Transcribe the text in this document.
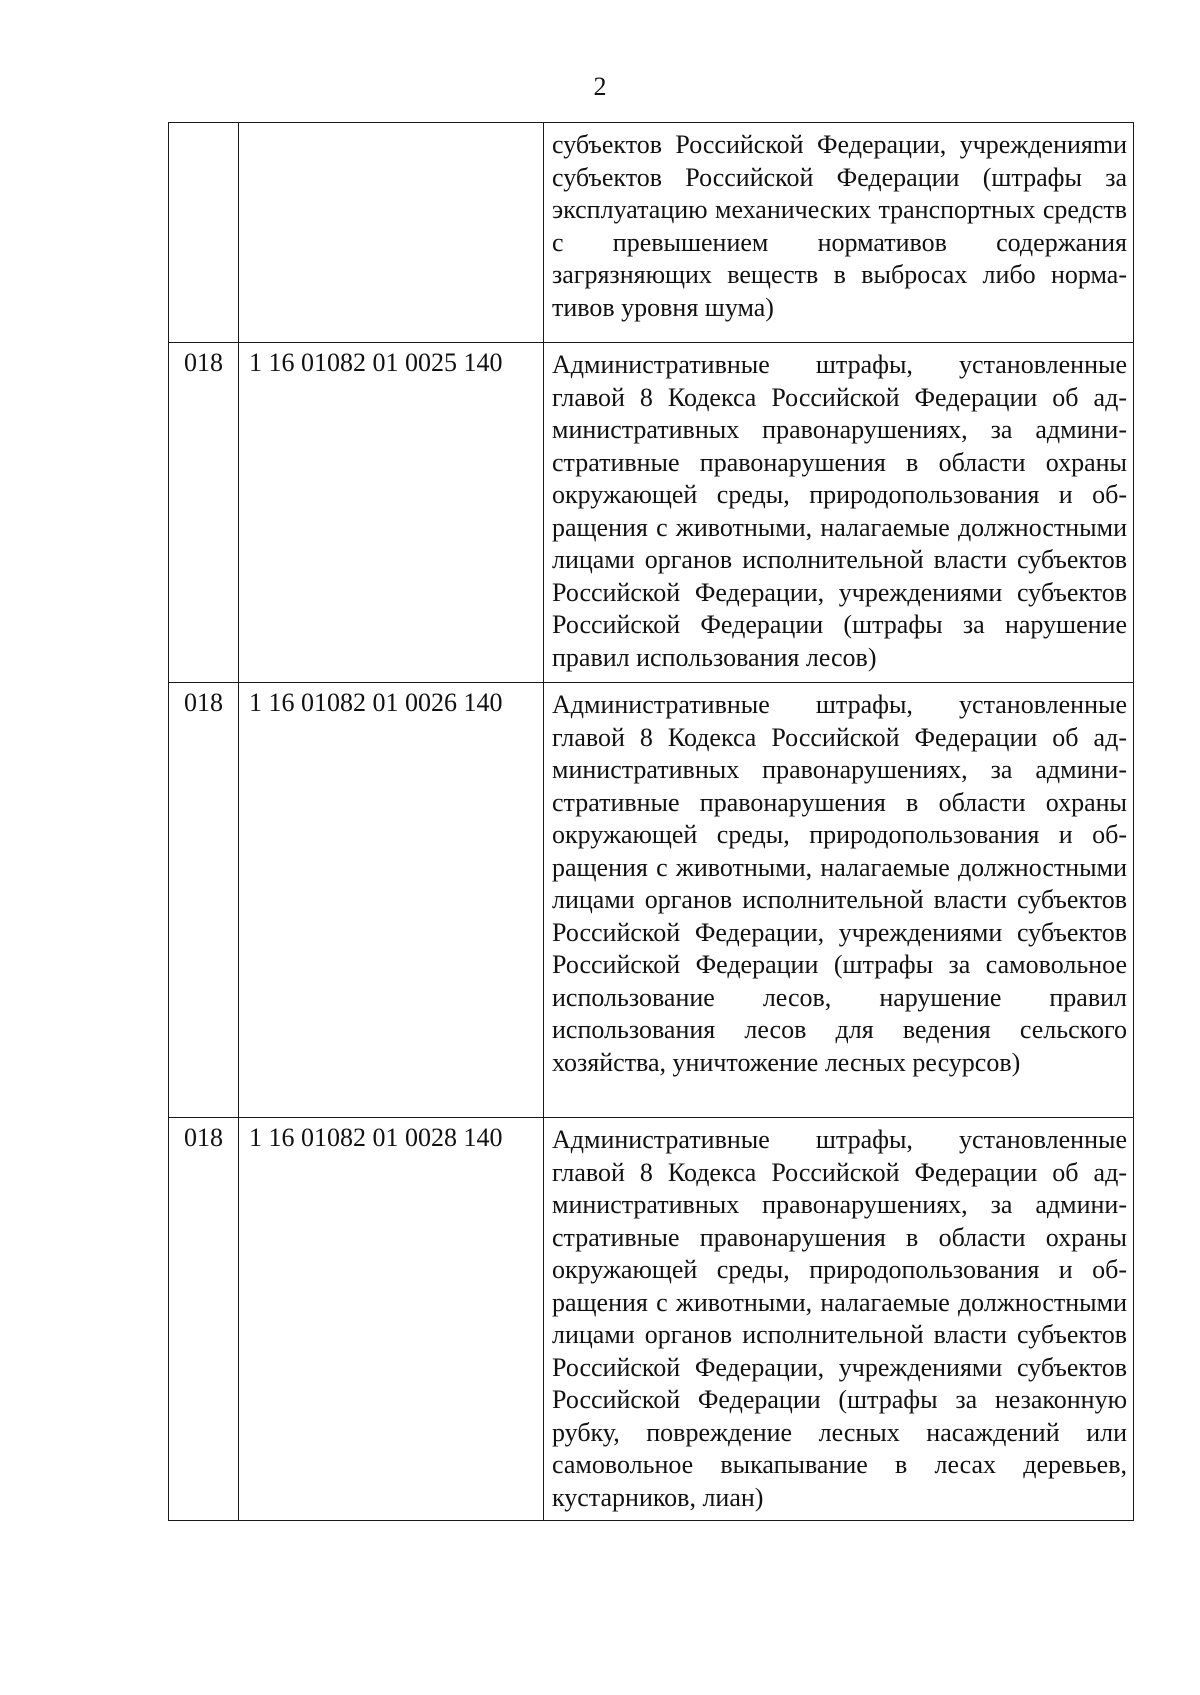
2
		субъектов Российской Федерации, учрежденияmи субъектов Российской Федерации (штрафы за эксплуатацию механических транспортных средств с превышением нормативов содержания загрязняющих веществ в выбросах либо нормативов уровня шума)
018	1 16 01082 01 0025 140	Административные штрафы, установленные главой 8 Кодекса Российской Федерации об административных правонарушениях, за административные правонарушения в области охраны окружающей среды, природопользования и обращения с животными, налагаемые должностными лицами органов исполнительной власти субъектов Российской Федерации, учреждениями субъектов Российской Федерации (штрафы за нарушение правил использования лесов)
018	1 16 01082 01 0026 140	Административные штрафы, установленные главой 8 Кодекса Российской Федерации об административных правонарушениях, за административные правонарушения в области охраны окружающей среды, природопользования и обращения с животными, налагаемые должностными лицами органов исполнительной власти субъектов Российской Федерации, учреждениями субъектов Российской Федерации (штрафы за самовольное использование лесов, нарушение правил использования лесов для ведения сельского хозяйства, уничтожение лесных ресурсов)
018	1 16 01082 01 0028 140	Административные штрафы, установленные главой 8 Кодекса Российской Федерации об административных правонарушениях, за административные правонарушения в области охраны окружающей среды, природопользования и обращения с животными, налагаемые должностными лицами органов исполнительной власти субъектов Российской Федерации, учреждениями субъектов Российской Федерации (штрафы за незаконную рубку, повреждение лесных насаждений или самовольное выкапывание в лесах деревьев, кустарников, лиан)
